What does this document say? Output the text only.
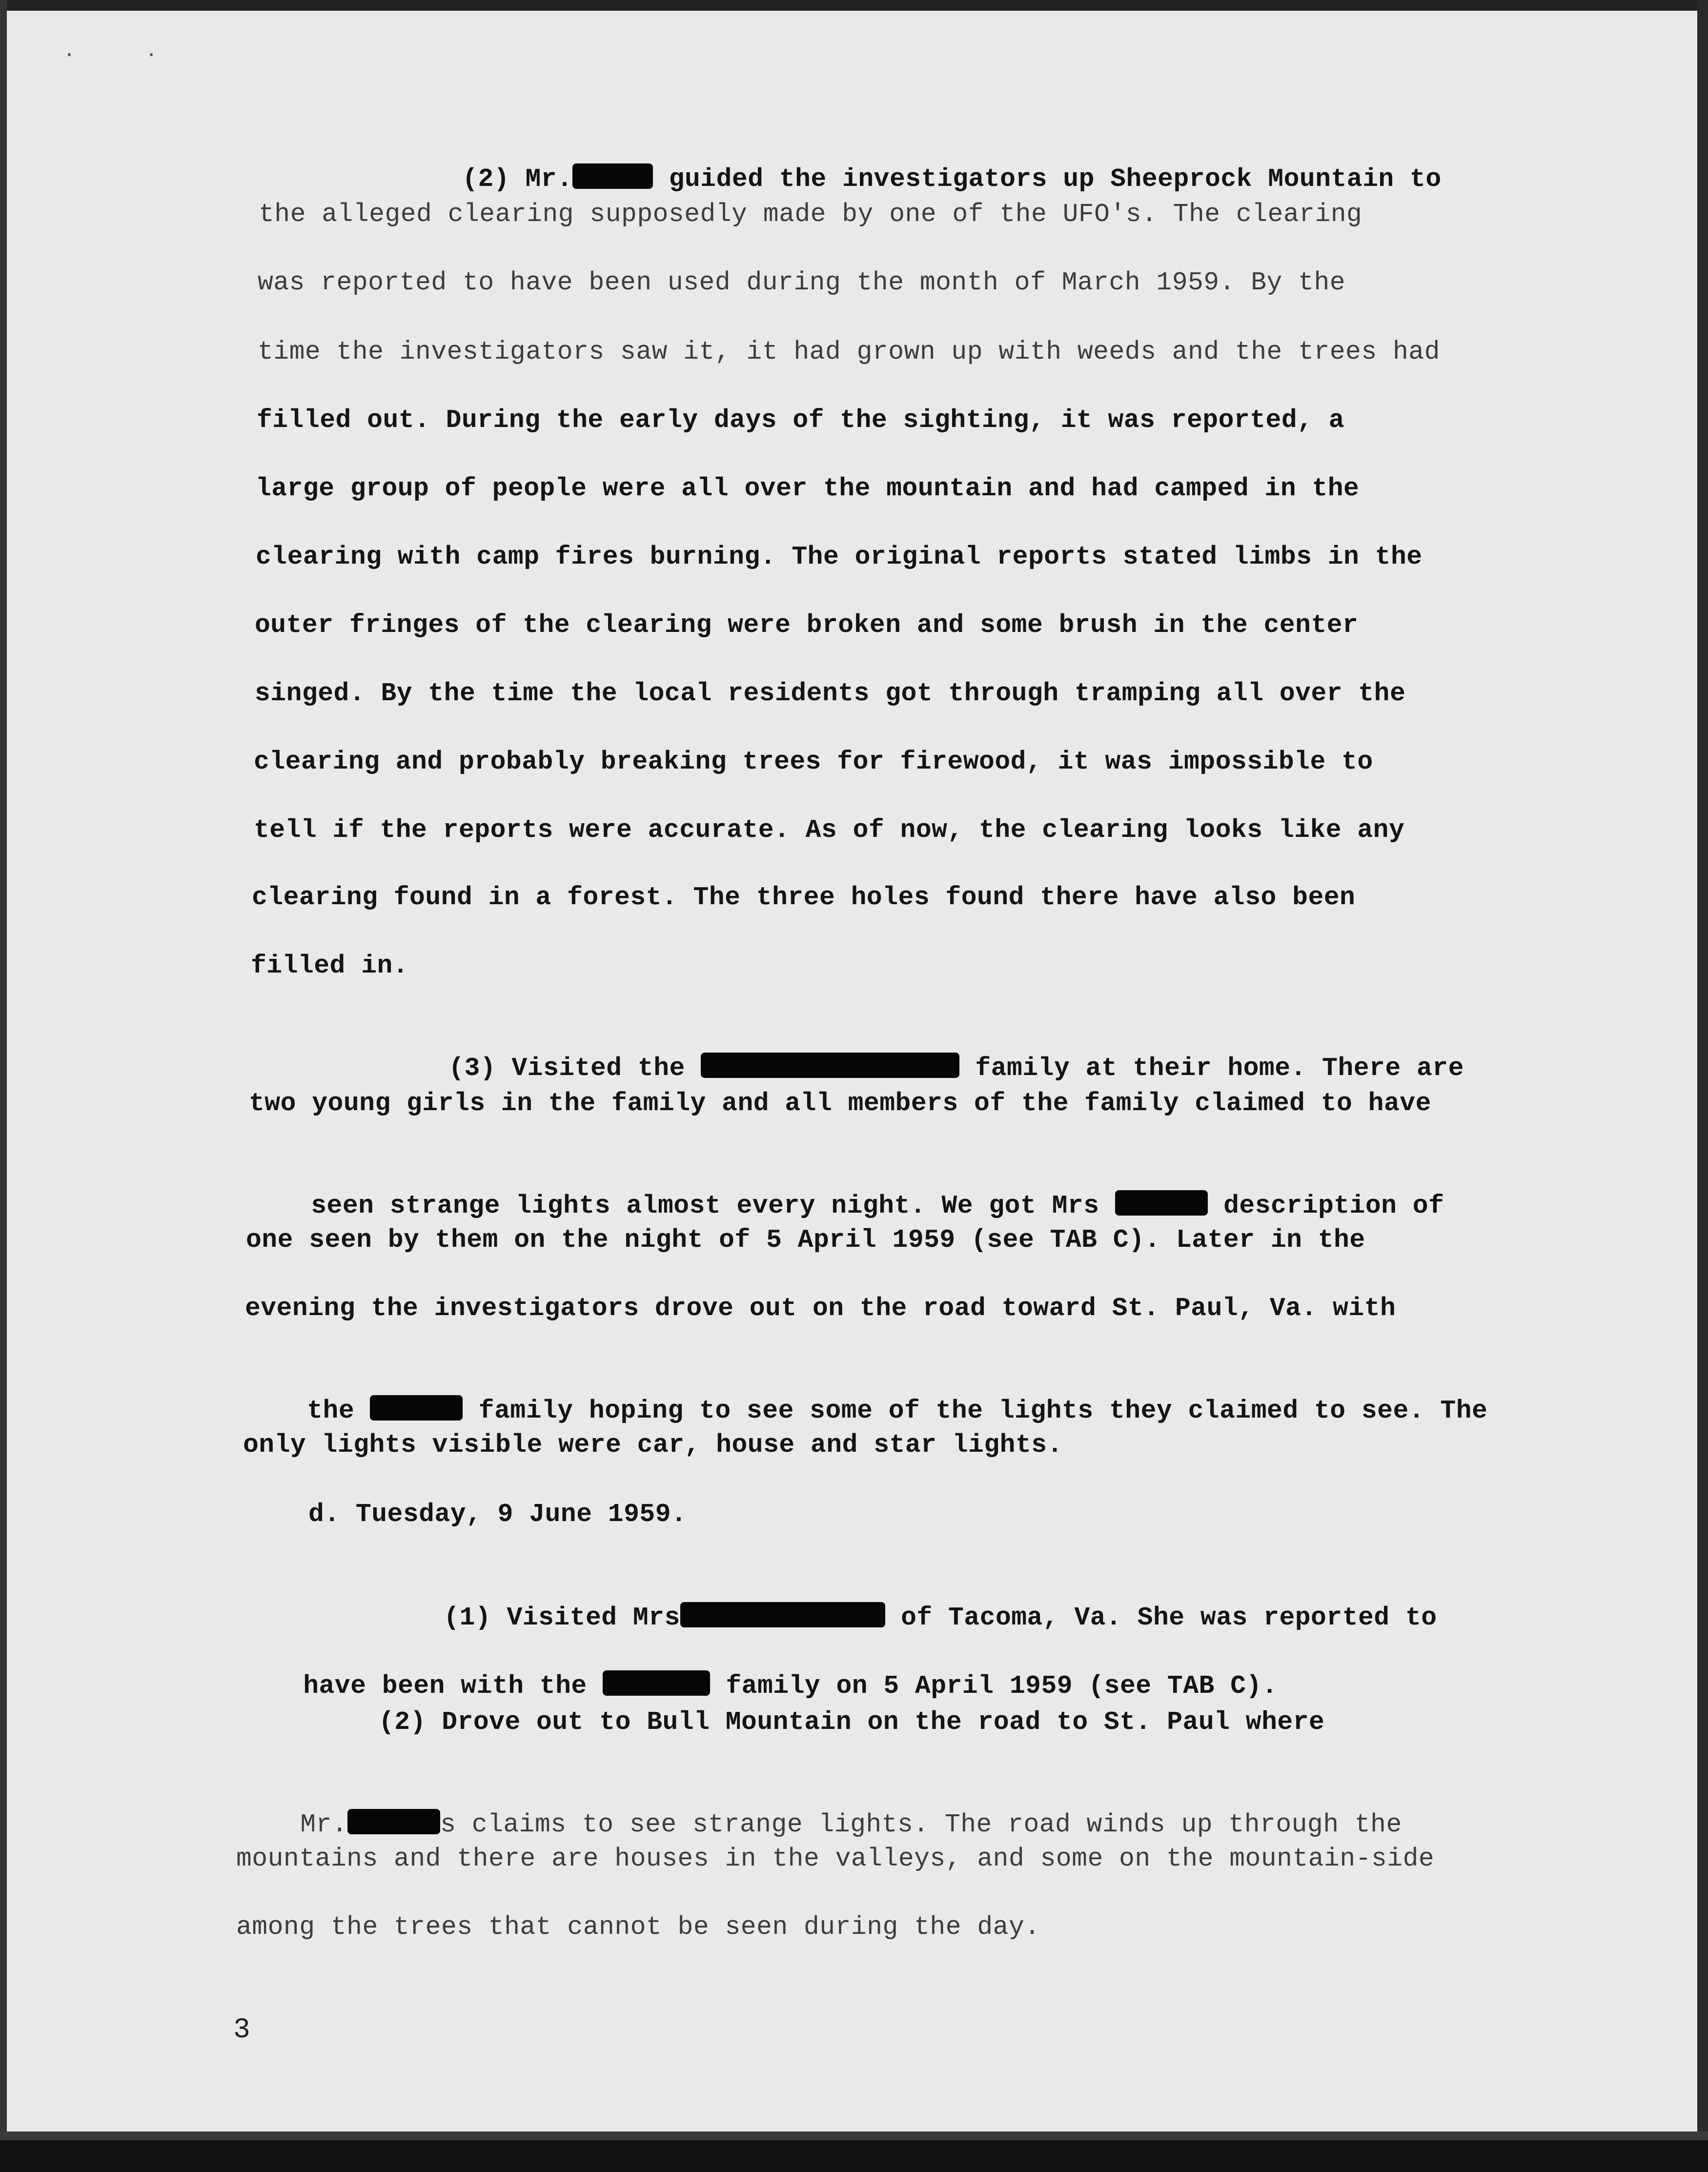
· ·

(2) Mr.	guided the investigators up Sheeprock Mountain to

the alleged clearing supposedly made by one of the UFO's. The clearing
was reported to have been used during the month of March 1959. By the
time the investigators saw it, it had grown up with weeds and the trees had
filled out. During the early days of the sighting, it was reported, a
large group of people were all over the mountain and had camped in the
clearing with camp fires burning. The original reports stated limbs in the
outer fringes of the clearing were broken and some brush in the center
singed. By the time the local residents got through tramping all over the
clearing and probably breaking trees for firewood, it was impossible to
tell if the reports were accurate. As of now, the clearing looks like any
clearing found in a forest. The three holes found there have also been
filled in.

(3) Visited the	family at their home. There are

two young girls in the family and all members of the family claimed to have

seen strange lights almost every night. We got Mrs	description of

one seen by them on the night of 5 April 1959 (see TAB C). Later in the
evening the investigators drove out on the road toward St. Paul, Va. with

the	family hoping to see some of the lights they claimed to see. The

only lights visible were car, house and star lights.
d. Tuesday, 9 June 1959.

(1) Visited Mrs	of Tacoma, Va. She was reported to

have been with the	family on 5 April 1959 (see TAB C).

(2) Drove out to Bull Mountain on the road to St. Paul where

Mr.	s claims to see strange lights. The road winds up through the

mountains and there are houses in the valleys, and some on the mountain-side
among the trees that cannot be seen during the day.
3
